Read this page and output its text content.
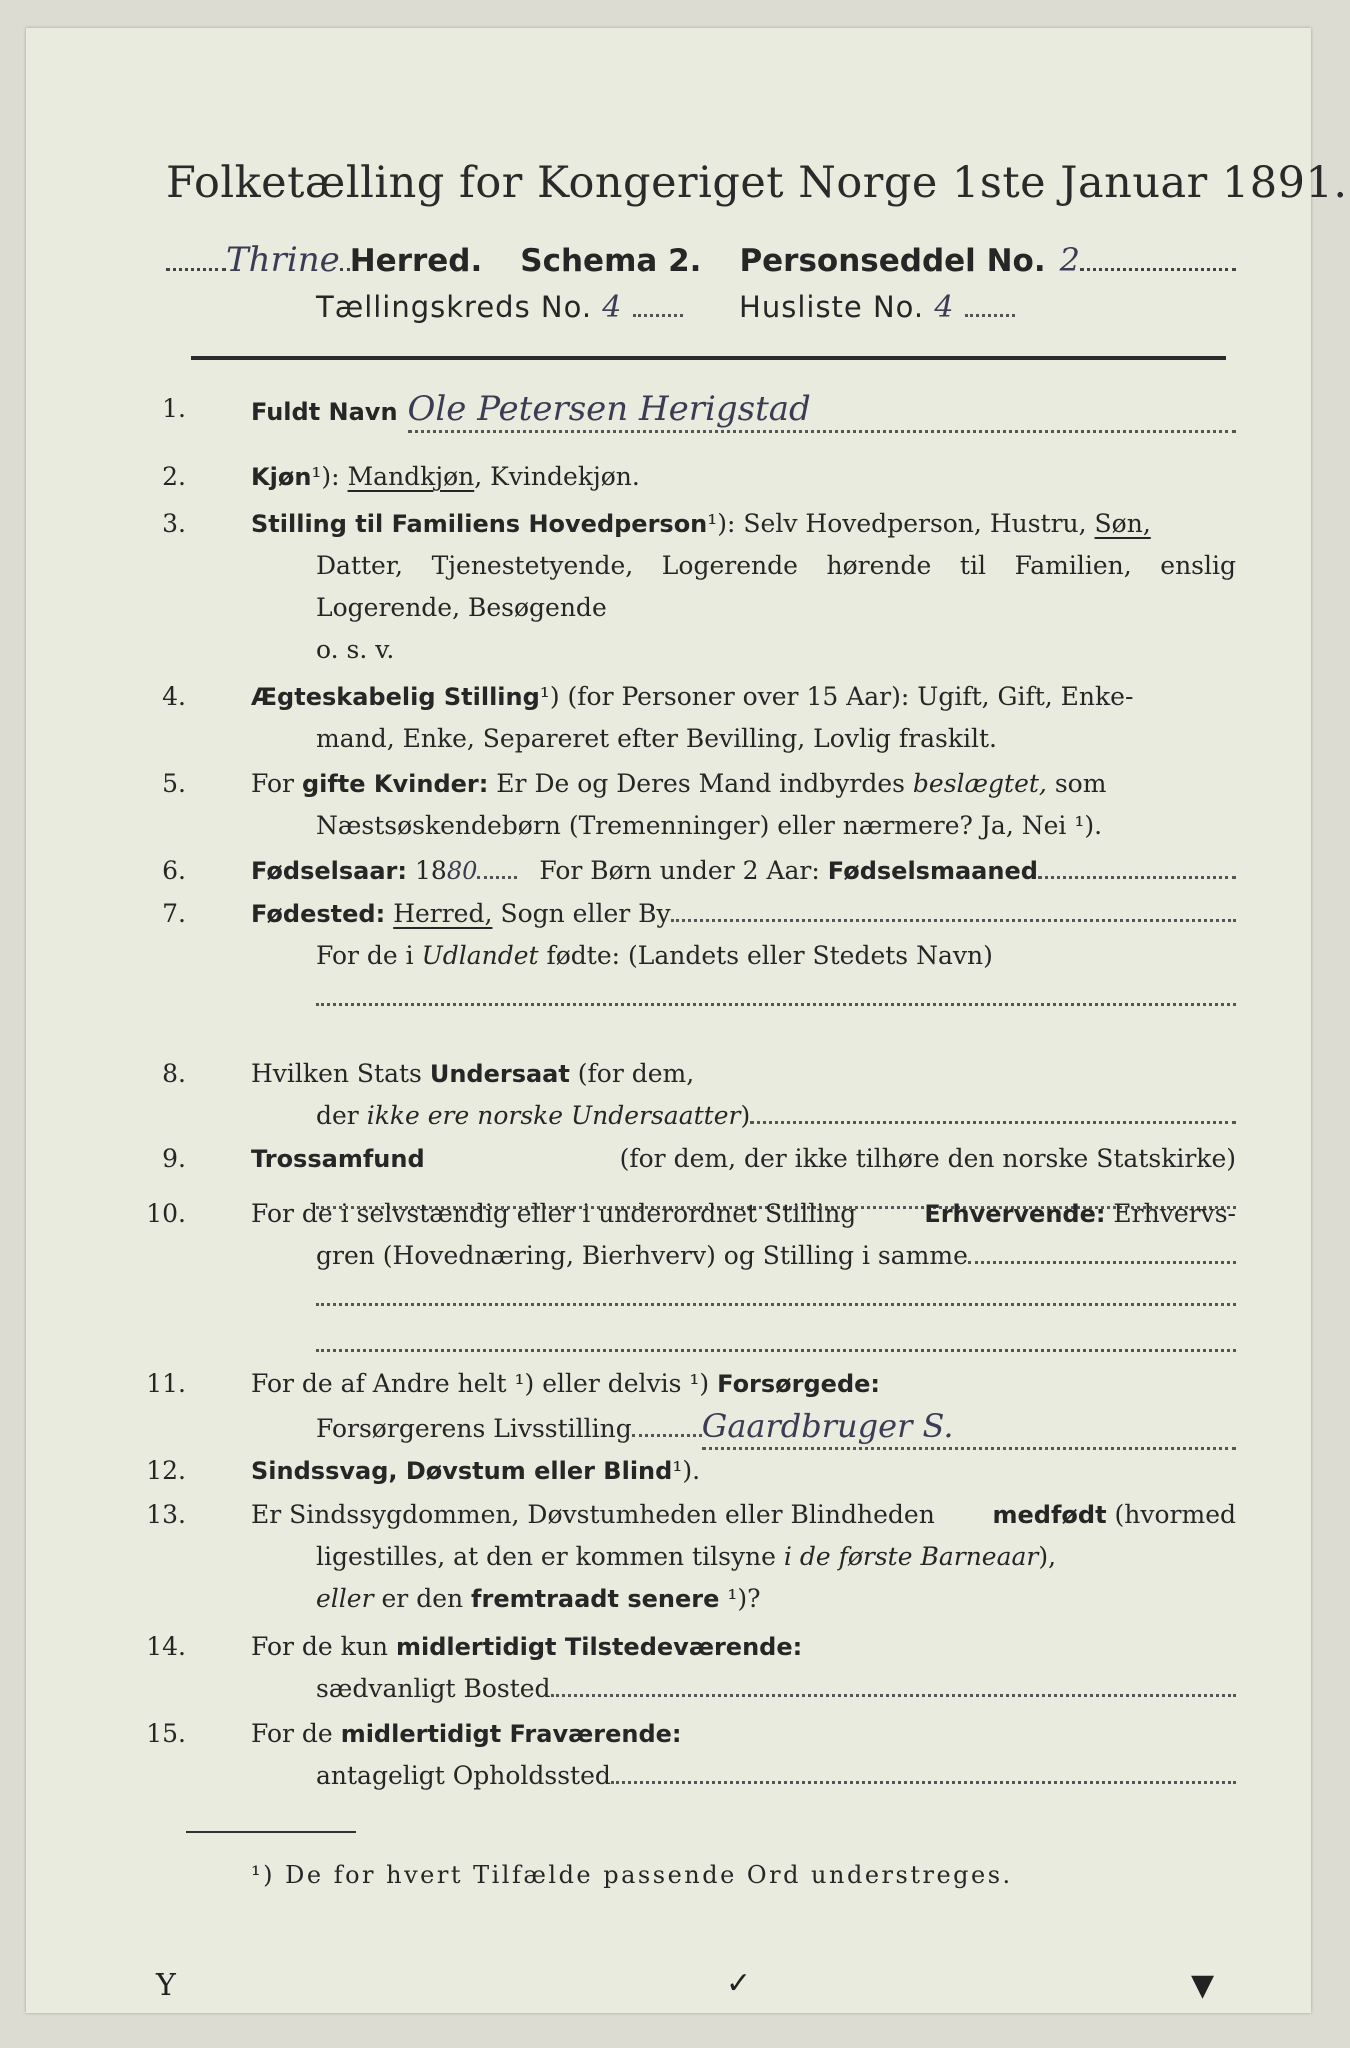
Folketælling for Kongeriget Norge 1ste Januar 1891.
Thrine Herred. Schema 2. Personseddel No. 2
Tællingskreds No. 4	Husliste No. 4
1.	Fuldt Navn Ole Petersen Herigstad
2.	Kjøn¹): Mandkjøn, Kvindekjøn.
3.	Stilling til Familiens Hovedperson¹): Selv Hovedperson, Hustru, Søn,
Datter, Tjenestetyende, Logerende hørende til Familien, enslig
Logerende, Besøgende
o. s. v.
4.	Ægteskabelig Stilling¹) (for Personer over 15 Aar): Ugift, Gift, Enke-
mand, Enke, Separeret efter Bevilling, Lovlig fraskilt.
5.	For gifte Kvinder: Er De og Deres Mand indbyrdes beslægtet, som
Næstsøskendebørn (Tremenninger) eller nærmere? Ja, Nei ¹).
6.	Fødselsaar: 18 80 For Børn under 2 Aar: Fødselsmaaned
7.	Fødested: Herred, Sogn eller By
For de i Udlandet fødte: (Landets eller Stedets Navn)
8.	Hvilken Stats Undersaat (for dem,
der
ikke ere norske Undersaatter )
9.	Trossamfund	(for dem, der ikke tilhøre den norske Statskirke)
10.	For de i selvstændig eller i underordnet Stilling	Erhvervende: Erhvervs-
gren (Hovednæring, Bierhverv) og Stilling i samme
11.	For de af Andre helt ¹) eller delvis ¹) Forsørgede:
Forsørgerens Livsstilling Gaardbruger S.
12.	Sindssvag, Døvstum eller Blind¹).
13.	Er Sindssygdommen, Døvstumheden eller Blindheden medfødt (hvormed
ligestilles, at den er kommen tilsyne i de første Barneaar),
eller er den fremtraadt senere ¹)?
14.	For de kun midlertidigt Tilstedeværende:
sædvanligt Bosted
15.	For de midlertidigt Fraværende:
antageligt Opholdssted
¹) De for hvert Tilfælde passende Ord understreges.
Y	✓	▼
